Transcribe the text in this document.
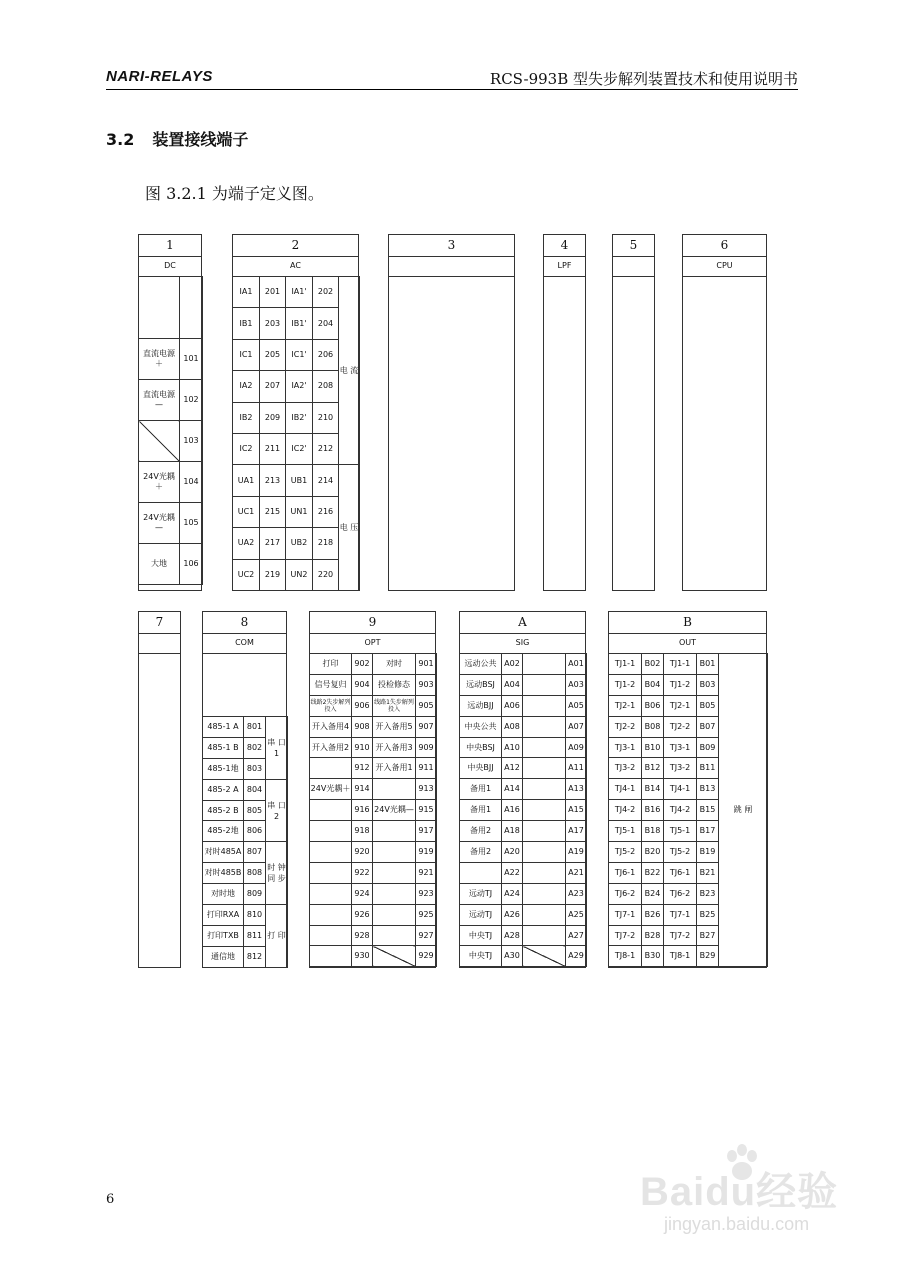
NARI-RELAYS	RCS-993B 型失步解列装置技术和使用说明书
3.2 装置接线端子
图 3.2.1 为端子定义图。
1
DC

直流电源 ＋	101
直流电源 —	102
	103
24V光耦 ＋	104
24V光耦 —	105
大地	106
2
AC
IA1	201	IA1'	202	电 流
IB1	203	IB1'	204	
IC1	205	IC1'	206	
IA2	207	IA2'	208	
IB2	209	IB2'	210	
IC2	211	IC2'	212	
UA1	213	UB1	214	电 压
UC1	215	UN1	216	
UA2	217	UB2	218	
UC2	219	UN2	220	
3	4
LPF
5	6
CPU
7	8
COM
485-1 A	801	串 口 1
485-1 B	802	
485-1地	803	
485-2 A	804	串 口 2
485-2 B	805	
485-2地	806	
对时485A	807	时 钟 同 步
对时485B	808	
对时地	809	
打印RXA	810	打 印
打印TXB	811	
通信地	812	
9
OPT
打印	902	对时	901
信号复归	904	投检修态	903
线路2失步解列投入	906	线路1失步解列投入	905
开入备用4	908	开入备用5	907
开入备用2	910	开入备用3	909
	912	开入备用1	911
24V光耦＋	914		913
	916	24V光耦—	915
	918		917
	920		919
	922		921
	924		923
	926		925
	928		927
	930		929
A
SIG
远动公共	A02		A01
远动BSJ	A04		A03
远动BJJ	A06		A05
中央公共	A08		A07
中央BSJ	A10		A09
中央BJJ	A12		A11
备用1	A14		A13
备用1	A16		A15
备用2	A18		A17
备用2	A20		A19
	A22		A21
远动TJ	A24		A23
远动TJ	A26		A25
中央TJ	A28		A27
中央TJ	A30		A29
B
OUT
TJ1-1	B02	TJ1-1	B01	跳 闸
TJ1-2	B04	TJ1-2	B03	
TJ2-1	B06	TJ2-1	B05	
TJ2-2	B08	TJ2-2	B07	
TJ3-1	B10	TJ3-1	B09	
TJ3-2	B12	TJ3-2	B11	
TJ4-1	B14	TJ4-1	B13	
TJ4-2	B16	TJ4-2	B15	
TJ5-1	B18	TJ5-1	B17	
TJ5-2	B20	TJ5-2	B19	
TJ6-1	B22	TJ6-1	B21	
TJ6-2	B24	TJ6-2	B23	
TJ7-1	B26	TJ7-1	B25	
TJ7-2	B28	TJ7-2	B27	
TJ8-1	B30	TJ8-1	B29	
6	Baidu经验
jingyan.baidu.com
